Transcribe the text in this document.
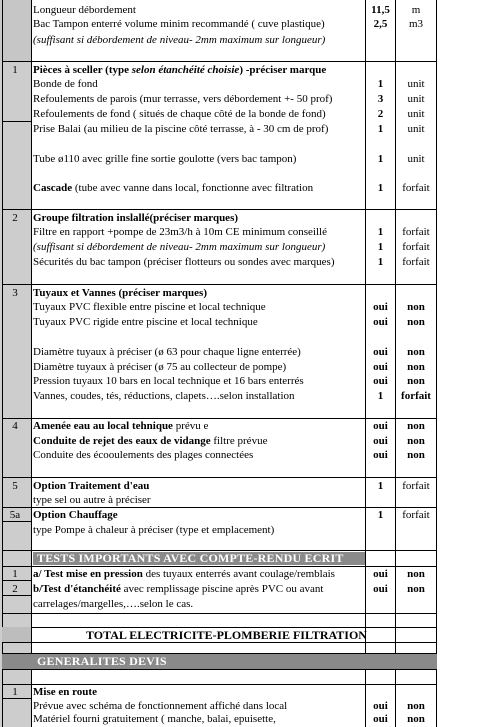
TESTS IMPORTANTS AVEC COMPTE-RENDU ECRIT
GENERALITES DEVIS
Longueur débordement	11,5	m
Bac Tampon enterré volume minim recommandé ( cuve plastique)	2,5	m3
(suffisant si débordement de niveau- 2mm maximum sur longueur)
1	Pièces à sceller (type selon étanchéité choisie) -préciser marque
Bonde de fond	1	unit
Refoulements de parois (mur terrasse, vers débordement +- 50 prof)	3	unit
Refoulements de fond ( situés de chaque côté de la bonde de fond)	2	unit
Prise Balai (au milieu de la piscine côté terrasse, à - 30 cm de prof)	1	unit
Tube ø110 avec grille fine sortie goulotte (vers bac tampon)	1	unit
Cascade (tube avec vanne dans local, fonctionne avec filtration	1	forfait
2	Groupe filtration inslallé(préciser marques)
Filtre en rapport +pompe de 23m3/h à 10m CE minimum conseillé	1	forfait
(suffisant si débordement de niveau- 2mm maximum sur longueur)	1	forfait
Sécurités du bac tampon (préciser flotteurs ou sondes avec marques)	1	forfait
3	Tuyaux et Vannes (préciser marques)
Tuyaux PVC flexible entre piscine et local technique	oui	non
Tuyaux PVC rigide entre piscine et local technique	oui	non
Diamètre tuyaux à préciser (ø 63 pour chaque ligne enterrée)	oui	non
Diamètre tuyaux à préciser (ø 75 au collecteur de pompe)	oui	non
Pression tuyaux 10 bars en local technique et 16 bars enterrés	oui	non
Vannes, coudes, tés, réductions, clapets….selon installation	1	forfait
4	Amenée eau au local tehnique prévu e	oui	non
Conduite de rejet des eaux de vidange filtre prévue	oui	non
Conduite des écooulements des plages connectées	oui	non
5	Option Traitement d'eau	1	forfait
type sel ou autre à préciser
5a	Option Chauffage	1	forfait
type Pompe à chaleur à préciser (type et emplacement)
1	a/ Test mise en pression des tuyaux enterrés avant coulage/remblais	oui	non
2	b/Test d'étanchéité avec remplissage piscine après PVC ou avant	oui	non
carrelages/margelles,….selon le cas.
TOTAL ELECTRICITE-PLOMBERIE FILTRATION
1	Mise en route
Prévue avec schéma de fonctionnement affiché dans local	oui	non
Matériel fourni gratuitement ( manche, balai, epuisette,	oui	non
